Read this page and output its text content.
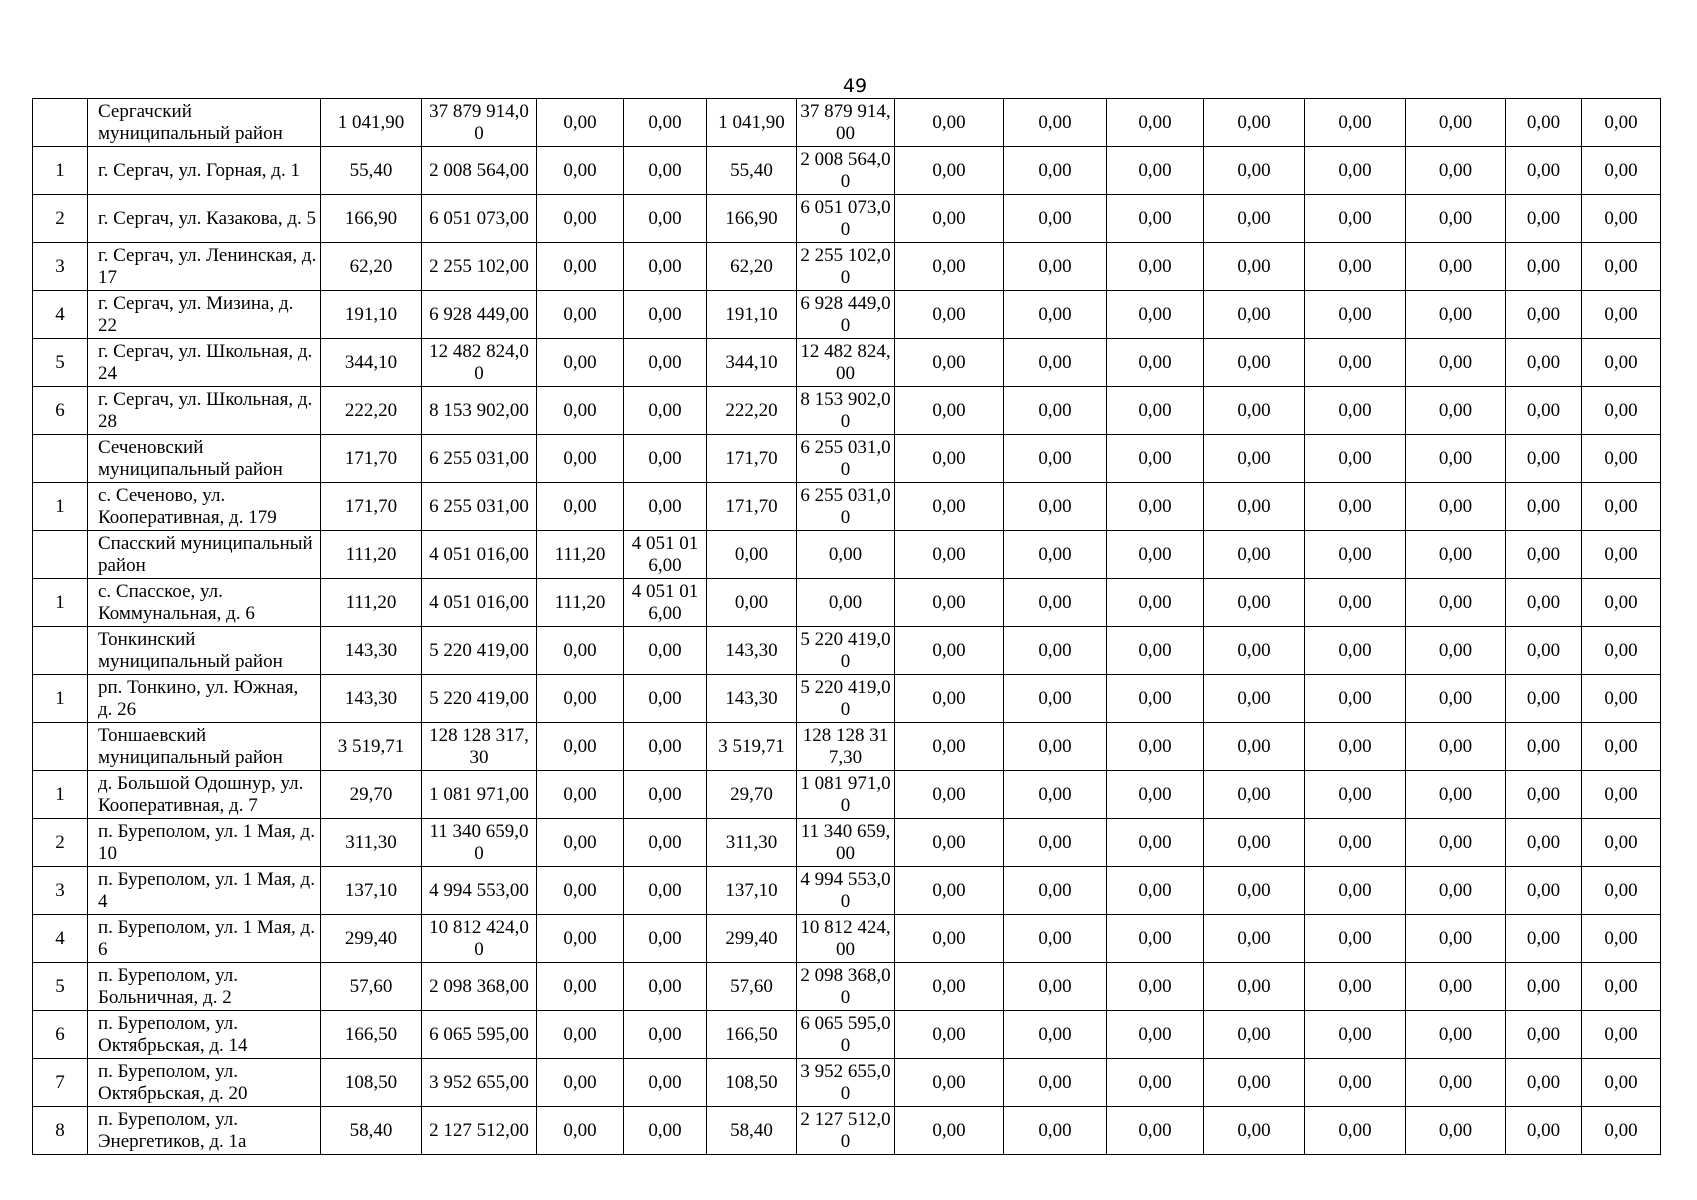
49
	Сергачский муниципальный район	1 041,90	37 879 914,00	0,00	0,00	1 041,90	37 879 914,00	0,00	0,00	0,00	0,00	0,00	0,00	0,00	0,00
1	г. Сергач, ул. Горная, д. 1	55,40	2 008 564,00	0,00	0,00	55,40	2 008 564,00	0,00	0,00	0,00	0,00	0,00	0,00	0,00	0,00
2	г. Сергач, ул. Казакова, д. 5	166,90	6 051 073,00	0,00	0,00	166,90	6 051 073,00	0,00	0,00	0,00	0,00	0,00	0,00	0,00	0,00
3	г. Сергач, ул. Ленинская, д. 17	62,20	2 255 102,00	0,00	0,00	62,20	2 255 102,00	0,00	0,00	0,00	0,00	0,00	0,00	0,00	0,00
4	г. Сергач, ул. Мизина, д. 22	191,10	6 928 449,00	0,00	0,00	191,10	6 928 449,00	0,00	0,00	0,00	0,00	0,00	0,00	0,00	0,00
5	г. Сергач, ул. Школьная, д. 24	344,10	12 482 824,00	0,00	0,00	344,10	12 482 824,00	0,00	0,00	0,00	0,00	0,00	0,00	0,00	0,00
6	г. Сергач, ул. Школьная, д. 28	222,20	8 153 902,00	0,00	0,00	222,20	8 153 902,00	0,00	0,00	0,00	0,00	0,00	0,00	0,00	0,00
	Сеченовский муниципальный район	171,70	6 255 031,00	0,00	0,00	171,70	6 255 031,00	0,00	0,00	0,00	0,00	0,00	0,00	0,00	0,00
1	с. Сеченово, ул. Кооперативная, д. 179	171,70	6 255 031,00	0,00	0,00	171,70	6 255 031,00	0,00	0,00	0,00	0,00	0,00	0,00	0,00	0,00
	Спасский муниципальный район	111,20	4 051 016,00	111,20	4 051 016,00	0,00	0,00	0,00	0,00	0,00	0,00	0,00	0,00	0,00	0,00
1	с. Спасское, ул. Коммунальная, д. 6	111,20	4 051 016,00	111,20	4 051 016,00	0,00	0,00	0,00	0,00	0,00	0,00	0,00	0,00	0,00	0,00
	Тонкинский муниципальный район	143,30	5 220 419,00	0,00	0,00	143,30	5 220 419,00	0,00	0,00	0,00	0,00	0,00	0,00	0,00	0,00
1	рп. Тонкино, ул. Южная, д. 26	143,30	5 220 419,00	0,00	0,00	143,30	5 220 419,00	0,00	0,00	0,00	0,00	0,00	0,00	0,00	0,00
	Тоншаевский муниципальный район	3 519,71	128 128 317,30	0,00	0,00	3 519,71	128 128 317,30	0,00	0,00	0,00	0,00	0,00	0,00	0,00	0,00
1	д. Большой Одошнур, ул. Кооперативная, д. 7	29,70	1 081 971,00	0,00	0,00	29,70	1 081 971,00	0,00	0,00	0,00	0,00	0,00	0,00	0,00	0,00
2	п. Буреполом, ул. 1 Мая, д. 10	311,30	11 340 659,00	0,00	0,00	311,30	11 340 659,00	0,00	0,00	0,00	0,00	0,00	0,00	0,00	0,00
3	п. Буреполом, ул. 1 Мая, д. 4	137,10	4 994 553,00	0,00	0,00	137,10	4 994 553,00	0,00	0,00	0,00	0,00	0,00	0,00	0,00	0,00
4	п. Буреполом, ул. 1 Мая, д. 6	299,40	10 812 424,00	0,00	0,00	299,40	10 812 424,00	0,00	0,00	0,00	0,00	0,00	0,00	0,00	0,00
5	п. Буреполом, ул. Больничная, д. 2	57,60	2 098 368,00	0,00	0,00	57,60	2 098 368,00	0,00	0,00	0,00	0,00	0,00	0,00	0,00	0,00
6	п. Буреполом, ул. Октябрьская, д. 14	166,50	6 065 595,00	0,00	0,00	166,50	6 065 595,00	0,00	0,00	0,00	0,00	0,00	0,00	0,00	0,00
7	п. Буреполом, ул. Октябрьская, д. 20	108,50	3 952 655,00	0,00	0,00	108,50	3 952 655,00	0,00	0,00	0,00	0,00	0,00	0,00	0,00	0,00
8	п. Буреполом, ул. Энергетиков, д. 1а	58,40	2 127 512,00	0,00	0,00	58,40	2 127 512,00	0,00	0,00	0,00	0,00	0,00	0,00	0,00	0,00
